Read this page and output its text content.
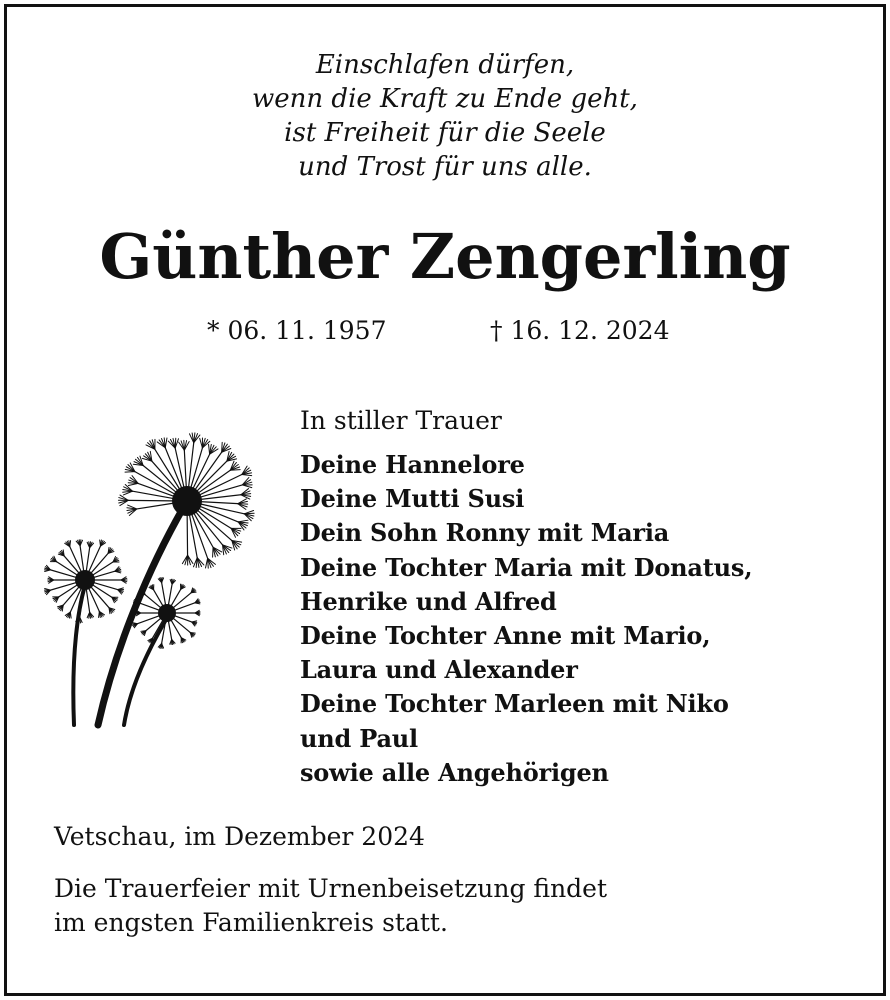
Einschlafen dürfen,
wenn die Kraft zu Ende geht,
ist Freiheit für die Seele
und Trost für uns alle.
Günther Zengerling
* 06. 11. 1957	† 16. 12. 2024
In stiller Trauer
Deine Hannelore
Deine Mutti Susi
Dein Sohn Ronny mit Maria
Deine Tochter Maria mit Donatus,
Henrike und Alfred
Deine Tochter Anne mit Mario,
Laura und Alexander
Deine Tochter Marleen mit Niko
und Paul
sowie alle Angehörigen
Vetschau, im Dezember 2024
Die Trauerfeier mit Urnenbeisetzung findet
im engsten Familienkreis statt.
